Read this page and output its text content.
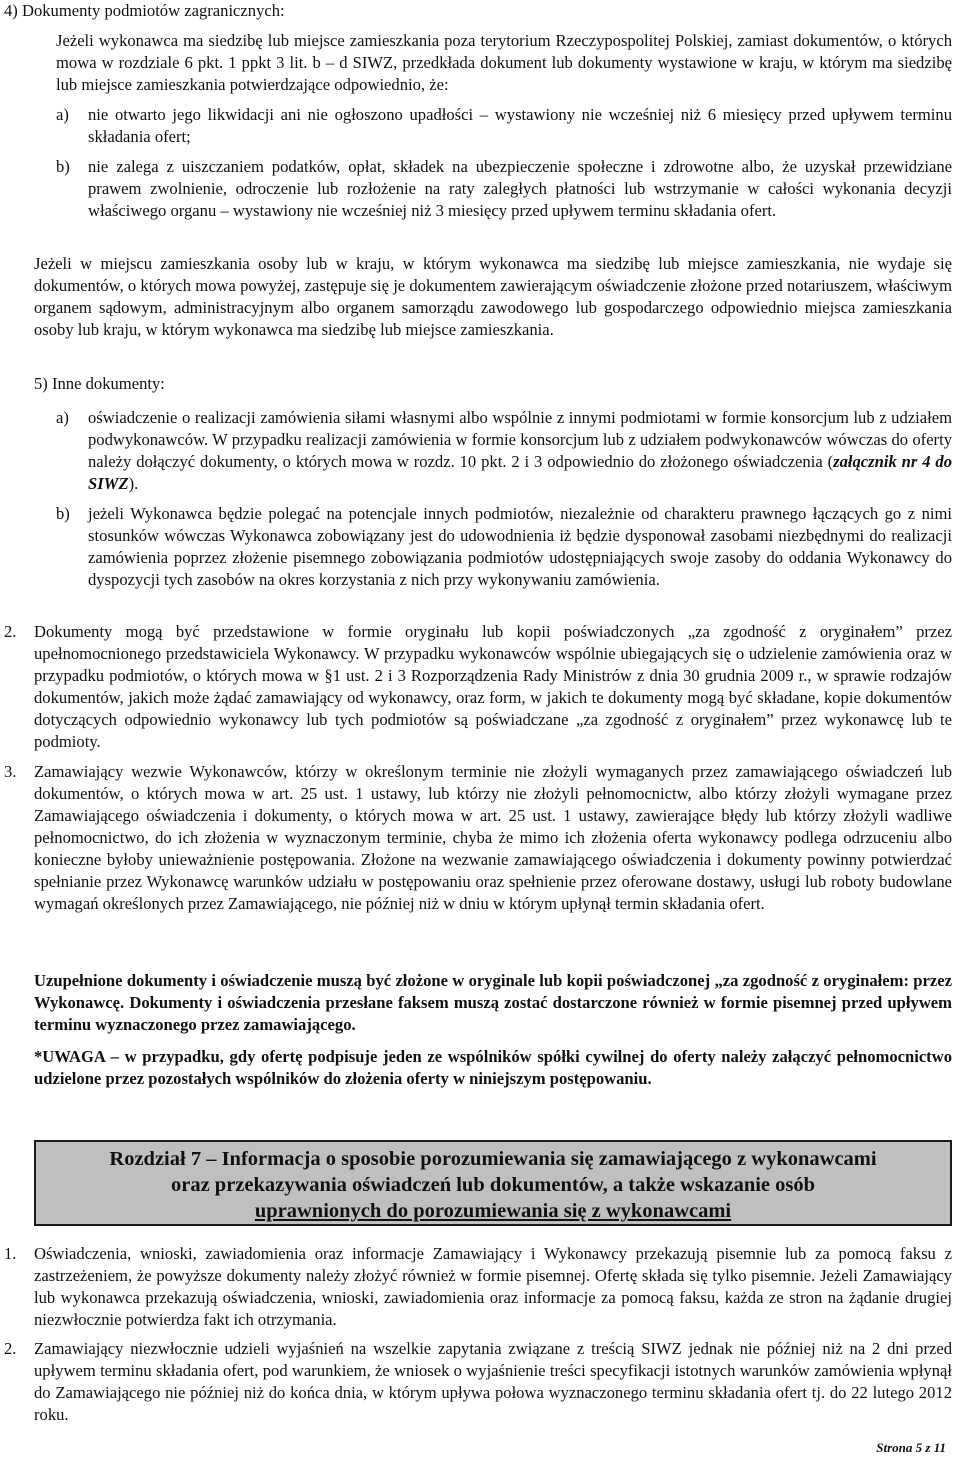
4)
Dokumenty podmiotów zagranicznych:

Jeżeli wykonawca ma siedzibę lub miejsce zamieszkania poza terytorium Rzeczypospolitej Polskiej, zamiast dokumentów, o których mowa w rozdziale 6 pkt. 1 ppkt 3 lit. b – d SIWZ, przedkłada dokument lub dokumenty wystawione w kraju, w którym ma siedzibę lub miejsce zamieszkania potwierdzające odpowiednio, że:

a)	nie otwarto jego likwidacji ani nie ogłoszono upadłości – wystawiony nie wcześniej niż 6 miesięcy przed upływem terminu składania ofert;
b)	nie zalega z uiszczaniem podatków, opłat, składek na ubezpieczenie społeczne i zdrowotne albo, że uzyskał przewidziane prawem zwolnienie, odroczenie lub rozłożenie na raty zaległych płatności lub wstrzymanie w całości wykonania decyzji właściwego organu – wystawiony nie wcześniej niż 3 miesięcy przed upływem terminu składania ofert.

Jeżeli w miejscu zamieszkania osoby lub w kraju, w którym wykonawca ma siedzibę lub miejsce zamieszkania, nie wydaje się dokumentów, o których mowa powyżej, zastępuje się je dokumentem zawierającym oświadczenie złożone przed notariuszem, właściwym organem sądowym, administracyjnym albo organem samorządu zawodowego lub gospodarczego odpowiednio miejsca zamieszkania osoby lub kraju, w którym wykonawca ma siedzibę lub miejsce zamieszkania.

5)
Inne dokumenty:
a)	oświadczenie o realizacji zamówienia siłami własnymi albo wspólnie z innymi podmiotami w formie konsorcjum lub z udziałem podwykonawców. W przypadku realizacji zamówienia w formie konsorcjum lub z udziałem podwykonawców wówczas do oferty należy dołączyć dokumenty, o których mowa w rozdz. 10 pkt. 2 i 3 odpowiednio do złożonego oświadczenia (załącznik nr 4 do SIWZ).
b)	jeżeli Wykonawca będzie polegać na potencjale innych podmiotów, niezależnie od charakteru prawnego łączących go z nimi stosunków wówczas Wykonawca zobowiązany jest do udowodnienia iż będzie dysponował zasobami niezbędnymi do realizacji zamówienia poprzez złożenie pisemnego zobowiązania podmiotów udostępniających swoje zasoby do oddania Wykonawcy do dyspozycji tych zasobów na okres korzystania z nich przy wykonywaniu zamówienia.
2.	Dokumenty mogą być przedstawione w formie oryginału lub kopii poświadczonych „za zgodność z oryginałem” przez upełnomocnionego przedstawiciela Wykonawcy. W przypadku wykonawców wspólnie ubiegających się o udzielenie zamówienia oraz w przypadku podmiotów, o których mowa w §1 ust. 2 i 3 Rozporządzenia Rady Ministrów z dnia 30 grudnia 2009 r., w sprawie rodzajów dokumentów, jakich może żądać zamawiający od wykonawcy, oraz form, w jakich te dokumenty mogą być składane, kopie dokumentów dotyczących odpowiednio wykonawcy lub tych podmiotów są poświadczane „za zgodność z oryginałem” przez wykonawcę lub te podmioty.
3.	Zamawiający wezwie Wykonawców, którzy w określonym terminie nie złożyli wymaganych przez zamawiającego oświadczeń lub dokumentów, o których mowa w art. 25 ust. 1 ustawy, lub którzy nie złożyli pełnomocnictw, albo którzy złożyli wymagane przez Zamawiającego oświadczenia i dokumenty, o których mowa w art. 25 ust. 1 ustawy, zawierające błędy lub którzy złożyli wadliwe pełnomocnictwo, do ich złożenia w wyznaczonym terminie, chyba że mimo ich złożenia oferta wykonawcy podlega odrzuceniu albo konieczne byłoby unieważnienie postępowania. Złożone na wezwanie zamawiającego oświadczenia i dokumenty powinny potwierdzać spełnianie przez Wykonawcę warunków udziału w postępowaniu oraz spełnienie przez oferowane dostawy, usługi lub roboty budowlane wymagań określonych przez Zamawiającego, nie później niż w dniu w którym upłynął termin składania ofert.

Uzupełnione dokumenty i oświadczenie muszą być złożone w oryginale lub kopii poświadczonej „za zgodność z oryginałem: przez Wykonawcę. Dokumenty i oświadczenia przesłane faksem muszą zostać dostarczone również w formie pisemnej przed upływem terminu wyznaczonego przez zamawiającego.

*UWAGA – w przypadku, gdy ofertę podpisuje jeden ze wspólników spółki cywilnej do oferty należy załączyć pełnomocnictwo udzielone przez pozostałych wspólników do złożenia oferty w niniejszym postępowaniu.

Rozdział 7 – Informacja o sposobie porozumiewania się zamawiającego z wykonawcami
oraz przekazywania oświadczeń lub dokumentów, a także wskazanie osób
uprawnionych do porozumiewania się z wykonawcami
1.	Oświadczenia, wnioski, zawiadomienia oraz informacje Zamawiający i Wykonawcy przekazują pisemnie lub za pomocą faksu z zastrzeżeniem, że powyższe dokumenty należy złożyć również w formie pisemnej. Ofertę składa się tylko pisemnie. Jeżeli Zamawiający lub wykonawca przekazują oświadczenia, wnioski, zawiadomienia oraz informacje za pomocą faksu, każda ze stron na żądanie drugiej niezwłocznie potwierdza fakt ich otrzymania.
2.	Zamawiający niezwłocznie udzieli wyjaśnień na wszelkie zapytania związane z treścią SIWZ jednak nie później niż na 2 dni przed upływem terminu składania ofert, pod warunkiem, że wniosek o wyjaśnienie treści specyfikacji istotnych warunków zamówienia wpłynął do Zamawiającego nie później niż do końca dnia, w którym upływa połowa wyznaczonego terminu składania ofert tj. do 22 lutego 2012 roku.
Strona 5 z 11
